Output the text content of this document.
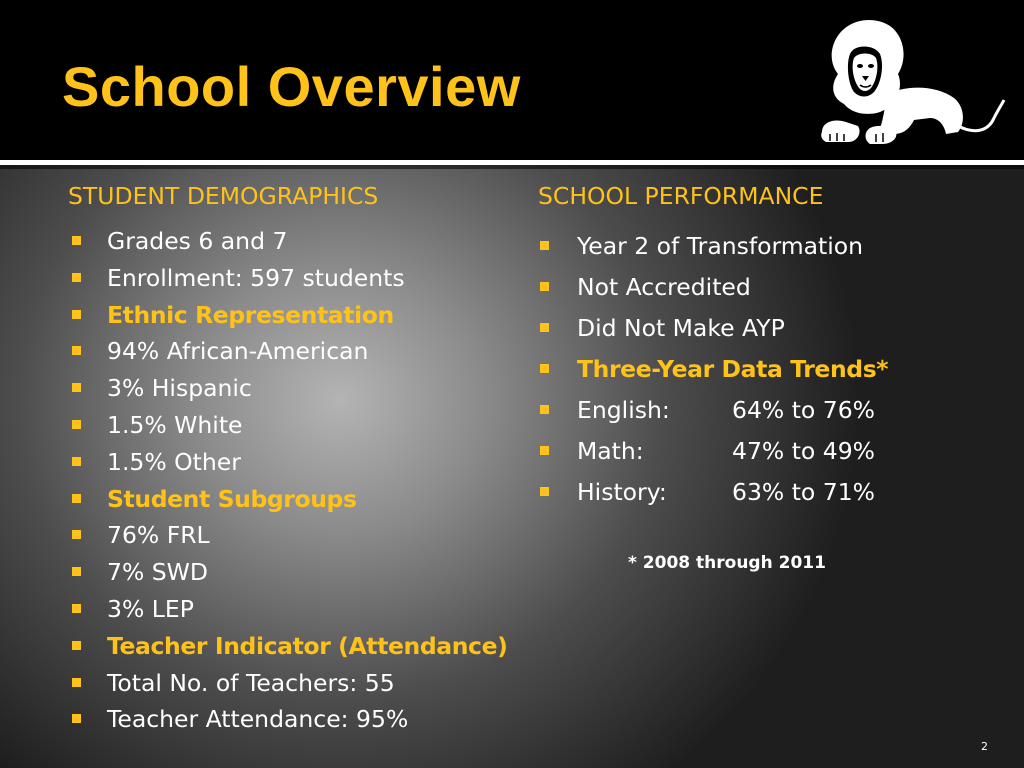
School Overview
STUDENT DEMOGRAPHICS	SCHOOL PERFORMANCE
Grades 6 and 7
Enrollment: 597 students
Ethnic Representation
94% African-American
3% Hispanic
1.5% White
1.5% Other
Student Subgroups
76% FRL
7% SWD
3% LEP
Teacher Indicator (Attendance)
Total No. of Teachers: 55
Teacher Attendance: 95%
Year 2 of Transformation
Not Accredited
Did Not Make AYP
Three-Year Data Trends*
English:	64% to 76%
Math:	47% to 49%
History:	63% to 71%
* 2008 through 2011
2
